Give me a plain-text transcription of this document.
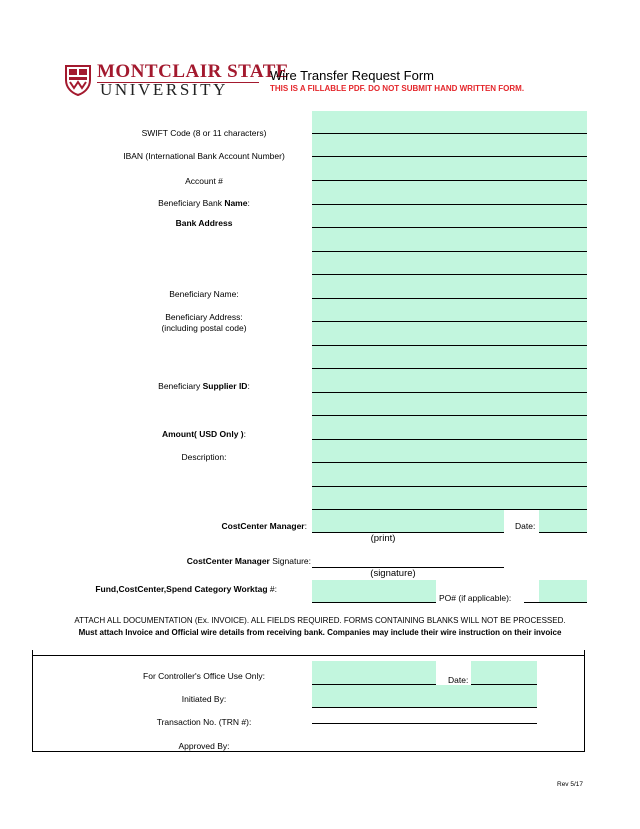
MONTCLAIR STATE
UNIVERSITY
Wire Transfer Request Form
THIS IS A FILLABLE PDF. DO NOT SUBMIT HAND WRITTEN FORM.
SWIFT Code (8 or 11 characters)
IBAN (International Bank Account Number)
Account #
Beneficiary Bank Name:
Bank Address
Beneficiary Name:
Beneficiary Address:
(including postal code)
Beneficiary Supplier ID:
Amount( USD Only ):
Description:
CostCenter Manager:	Date:
(print)
CostCenter Manager Signature:
(signature)
Fund,CostCenter,Spend Category Worktag #:
PO# (if applicable):
ATTACH ALL DOCUMENTATION (Ex. INVOICE). ALL FIELDS REQUIRED. FORMS CONTAINING BLANKS WILL NOT BE PROCESSED.
Must attach Invoice and Official wire details from receiving bank. Companies may include their wire instruction on their invoice
Date:
For Controller's Office Use Only:
Initiated By:
Transaction No. (TRN #):
Approved By:
Rev 5/17
